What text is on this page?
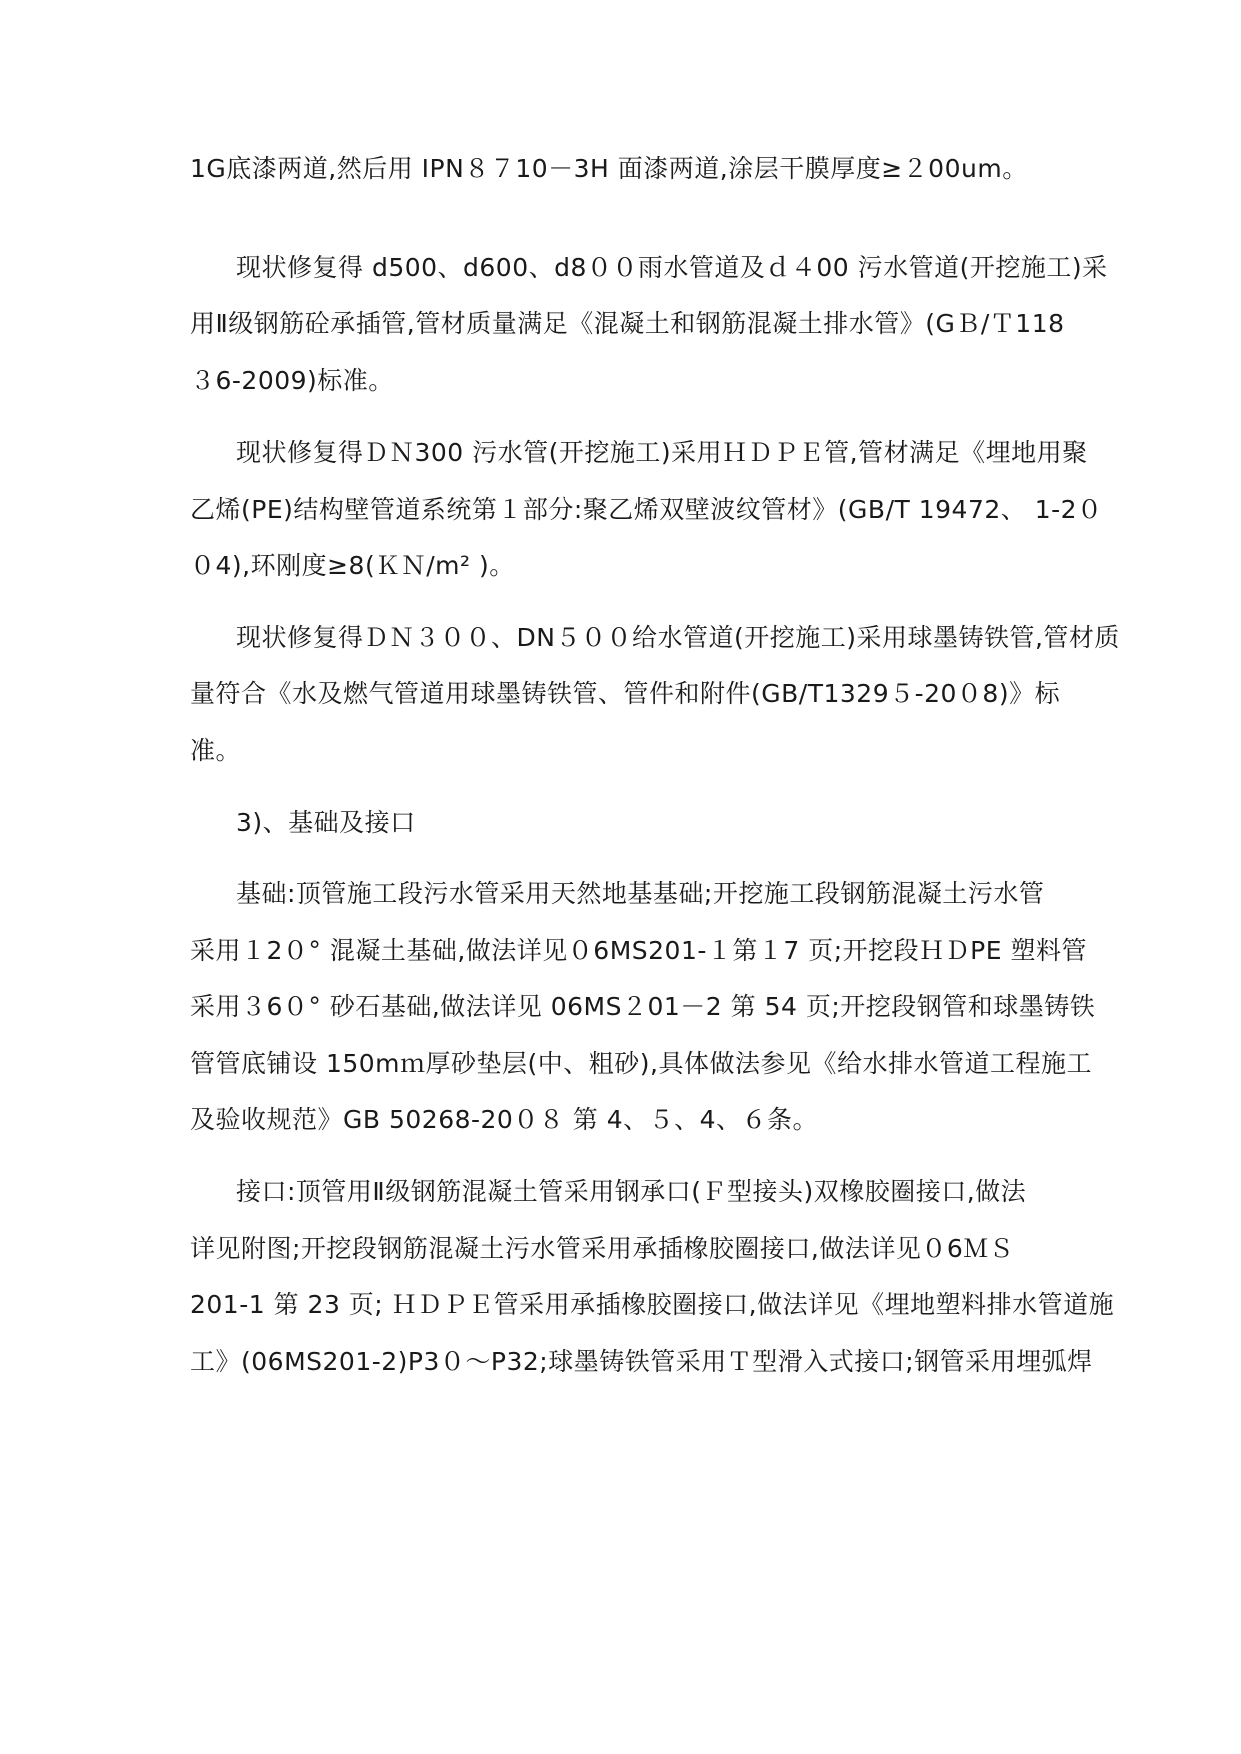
1G底漆两道,然后用 IPN８７10－3H 面漆两道,涂层干膜厚度≥２00um。
现状修复得 d500、d600、d8００雨水管道及ｄ４00 污水管道(开挖施工)采
用Ⅱ级钢筋砼承插管,管材质量满足《混凝土和钢筋混凝土排水管》(GＢ/Ｔ118
３6-2009)标准。
现状修复得ＤＮ300 污水管(开挖施工)采用ＨＤＰＥ管,管材满足《埋地用聚
乙烯(PE)结构壁管道系统第１部分:聚乙烯双壁波纹管材》(GB/T 19472、 1-2０
０4),环刚度≥8(ＫＮ/m² )。
现状修复得ＤＮ３００、DN５００给水管道(开挖施工)采用球墨铸铁管,管材质
量符合《水及燃气管道用球墨铸铁管、管件和附件(GB/T1329５-20０8)》标
准。
3)、基础及接口
基础:顶管施工段污水管采用天然地基基础;开挖施工段钢筋混凝土污水管
采用１2０° 混凝土基础,做法详见０6MS201-１第１7 页;开挖段ＨＤPE 塑料管
采用３6０° 砂石基础,做法详见 06MS２01－2 第 54 页;开挖段钢管和球墨铸铁
管管底铺设 150mｍ厚砂垫层(中、粗砂),具体做法参见《给水排水管道工程施工
及验收规范》GB 50268-20０８ 第 4、５、4、６条。
接口:顶管用Ⅱ级钢筋混凝土管采用钢承口(Ｆ型接头)双橡胶圈接口,做法
详见附图;开挖段钢筋混凝土污水管采用承插橡胶圈接口,做法详见０6ＭＳ
201-1 第 23 页; ＨＤＰＥ管采用承插橡胶圈接口,做法详见《埋地塑料排水管道施
工》(06MS201-2)P3０～P32;球墨铸铁管采用Ｔ型滑入式接口;钢管采用埋弧焊
